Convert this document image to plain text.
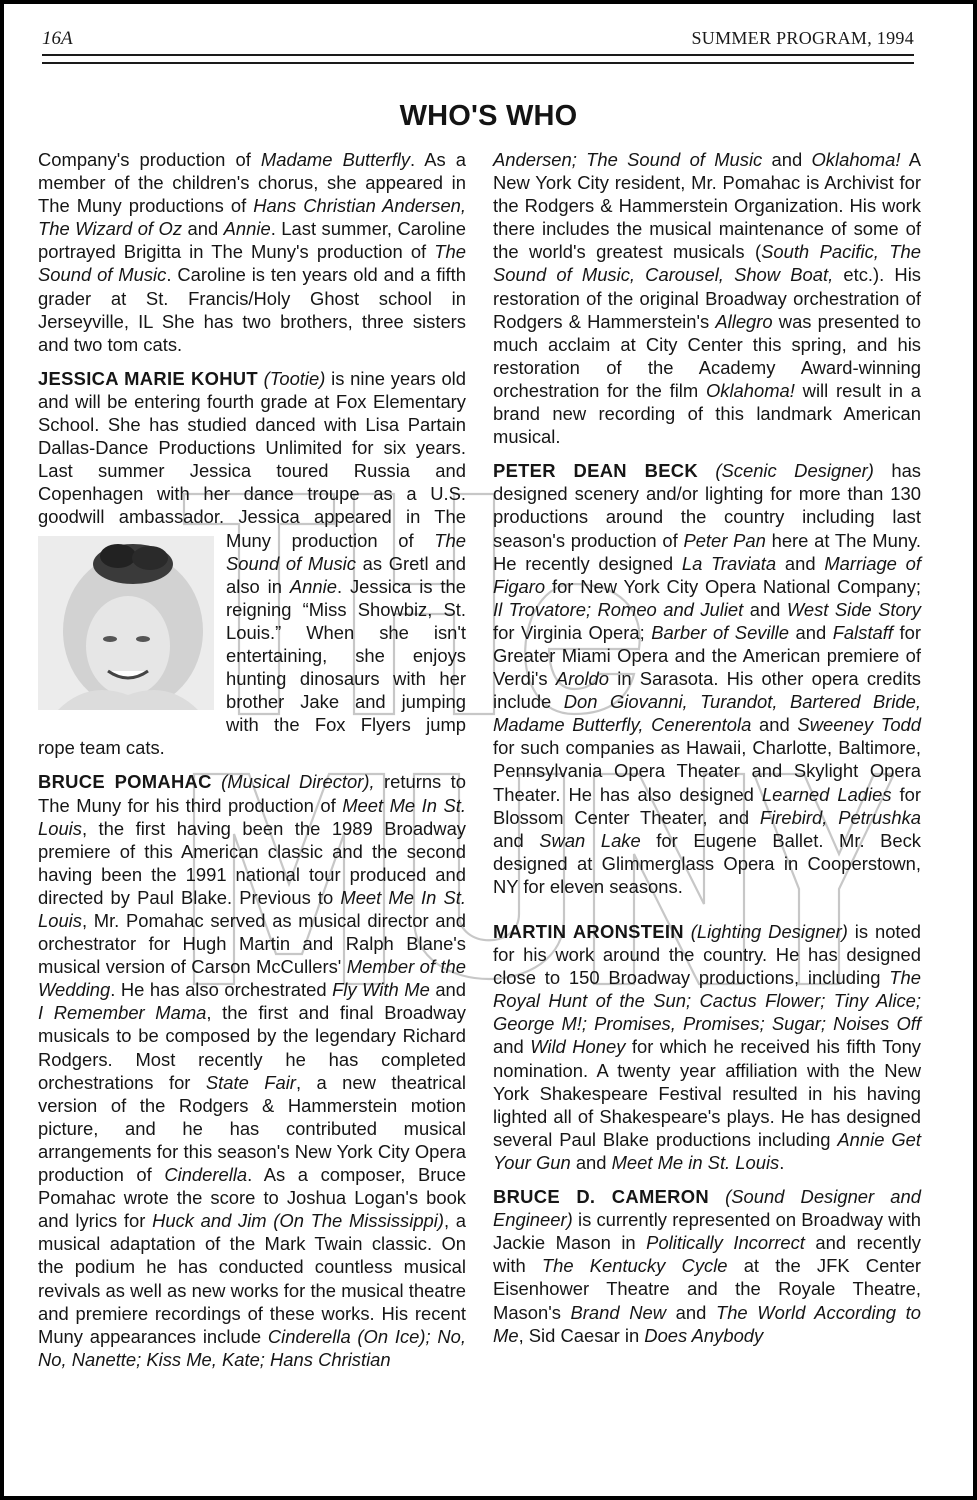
16A	SUMMER PROGRAM, 1994
WHO'S WHO

Company's production of Madame Butterfly. As a member of the children's chorus, she appeared in The Muny productions of Hans Christian Andersen, The Wizard of Oz and Annie. Last summer, Caroline portrayed Brigitta in The Muny's production of The Sound of Music. Caroline is ten years old and a fifth grader at St. Francis/Holy Ghost school in Jerseyville, IL She has two brothers, three sisters and two tom cats.

JESSICA MARIE KOHUT (Tootie) is nine years old and will be entering fourth grade at Fox Elementary School. She has studied danced with Lisa Partain Dallas-Dance Productions Unlimited for six years. Last summer Jessica toured Russia and Copenhagen with her dance troupe as a U.S. goodwill ambassador. Jessica appeared in The Muny production of
The Sound of Music as Gretl and also in Annie. Jessica is the reigning “Miss Showbiz, St. Louis.” When she isn't entertaining, she enjoys hunting dinosaurs with her brother Jake and jumping with the Fox Flyers jump rope team cats.

BRUCE POMAHAC (Musical Director), returns to The Muny for his third production of Meet Me In St. Louis, the first having been the 1989 Broadway premiere of this American classic and the second having been the 1991 national tour produced and directed by Paul Blake. Previous to Meet Me In St. Louis, Mr. Pomahac served as musical director and orchestrator for Hugh Martin and Ralph Blane's musical version of Carson McCullers' Member of the Wedding. He has also orchestrated Fly With Me and I Remember Mama, the first and final Broadway musicals to be composed by the legendary Richard Rodgers. Most recently he has completed orchestrations for State Fair, a new theatrical version of the Rodgers & Hammerstein motion picture, and he has contributed musical arrangements for this season's New York City Opera production of Cinderella. As a composer, Bruce Pomahac wrote the score to Joshua Logan's book and lyrics for Huck and Jim (On The Mississippi), a musical adaptation of the Mark Twain classic. On the podium he has conducted countless musical revivals as well as new works for the musical theatre and premiere recordings of these works. His recent Muny appearances include Cinderella (On Ice); No, No, Nanette; Kiss Me, Kate; Hans Christian

Andersen; The Sound of Music and Oklahoma! A New York City resident, Mr. Pomahac is Archivist for the Rodgers & Hammerstein Organization. His work there includes the musical maintenance of some of the world's greatest musicals (South Pacific, The Sound of Music, Carousel, Show Boat, etc.). His restoration of the original Broadway orchestration of Rodgers & Hammerstein's Allegro was presented to much acclaim at City Center this spring, and his restoration of the Academy Award-winning orchestration for the film Oklahoma! will result in a brand new recording of this landmark American musical.

PETER DEAN BECK (Scenic Designer) has designed scenery and/or lighting for more than 130 productions around the country including last season's production of Peter Pan here at The Muny. He recently designed La Traviata and Marriage of Figaro for New York City Opera National Company; Il Trovatore; Romeo and Juliet and West Side Story for Virginia Opera; Barber of Seville and Falstaff for Greater Miami Opera and the American premiere of Verdi's Aroldo in Sarasota. His other opera credits include Don Giovanni, Turandot, Bartered Bride, Madame Butterfly, Cenerentola and Sweeney Todd for such companies as Hawaii, Charlotte, Baltimore, Pennsylvania Opera Theater and Skylight Opera Theater. He has also designed Learned Ladies for Blossom Center Theater, and Firebird, Petrushka and Swan Lake for Eugene Ballet. Mr. Beck designed at Glimmerglass Opera in Cooperstown, NY for eleven seasons.

MARTIN ARONSTEIN (Lighting Designer) is noted for his work around the country. He has designed close to 150 Broadway productions, including The Royal Hunt of the Sun; Cactus Flower; Tiny Alice; George M!; Promises, Promises; Sugar; Noises Off and Wild Honey for which he received his fifth Tony nomination. A twenty year affiliation with the New York Shakespeare Festival resulted in his having lighted all of Shakespeare's plays. He has designed several Paul Blake productions including Annie Get Your Gun and Meet Me in St. Louis.

BRUCE D. CAMERON (Sound Designer and Engineer) is currently represented on Broadway with Jackie Mason in Politically Incorrect and recently with The Kentucky Cycle at the JFK Center Eisenhower Theatre and the Royale Theatre, Mason's Brand New and The World According to Me, Sid Caesar in Does Anybody
